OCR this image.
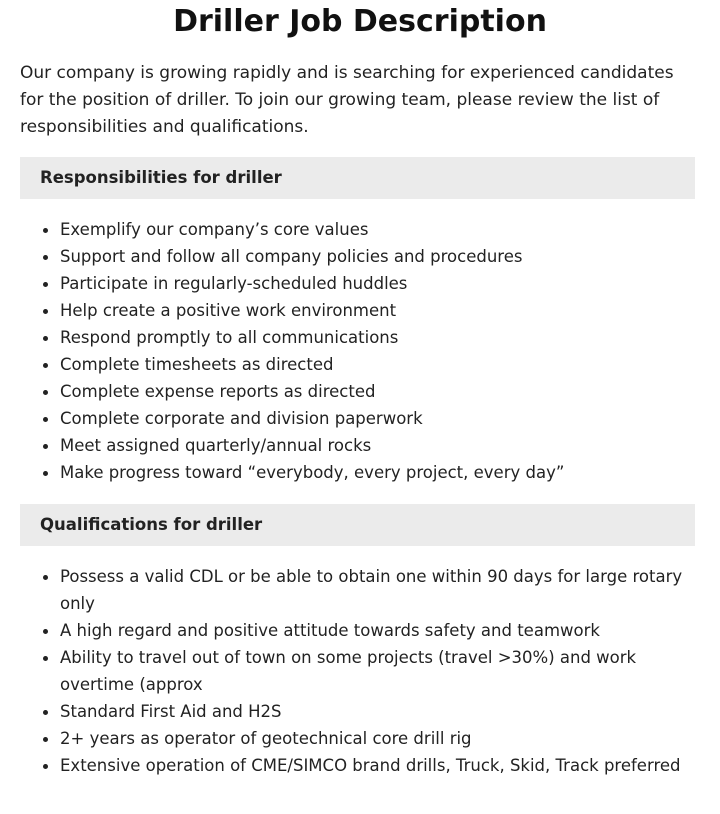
Driller Job Description

Our company is growing rapidly and is searching for experienced candidates for the position of driller. To join our growing team, please review the list of responsibilities and qualifications.

Responsibilities for driller
Exemplify our company’s core values
Support and follow all company policies and procedures
Participate in regularly-scheduled huddles
Help create a positive work environment
Respond promptly to all communications
Complete timesheets as directed
Complete expense reports as directed
Complete corporate and division paperwork
Meet assigned quarterly/annual rocks
Make progress toward “everybody, every project, every day”
Qualifications for driller
Possess a valid CDL or be able to obtain one within 90 days for large rotary only
A high regard and positive attitude towards safety and teamwork
Ability to travel out of town on some projects (travel >30%) and work overtime (approx
Standard First Aid and H2S
2+ years as operator of geotechnical core drill rig
Extensive operation of CME/SIMCO brand drills, Truck, Skid, Track preferred
